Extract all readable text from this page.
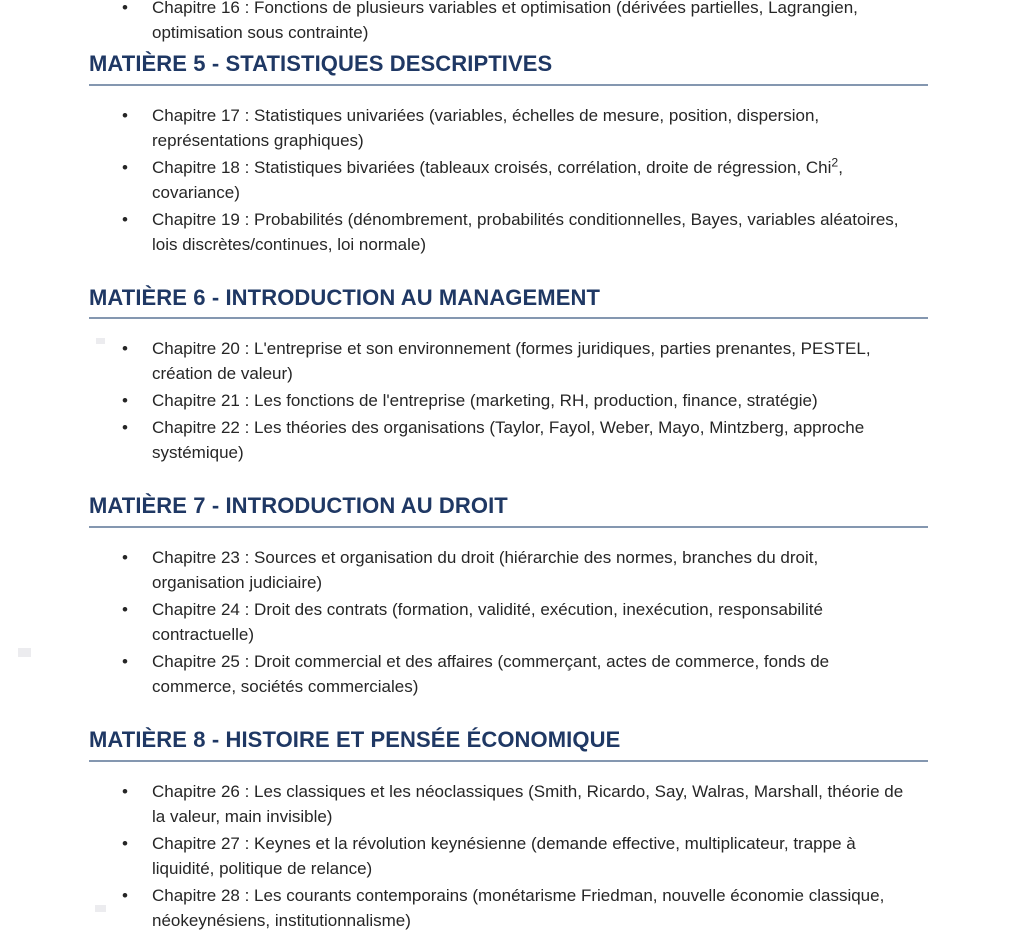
• Chapitre 16 : Fonctions de plusieurs variables et optimisation (dérivées partielles, Lagrangien, optimisation sous contrainte)
MATIÈRE 5 - STATISTIQUES DESCRIPTIVES
• Chapitre 17 : Statistiques univariées (variables, échelles de mesure, position, dispersion, représentations graphiques)
• Chapitre 18 : Statistiques bivariées (tableaux croisés, corrélation, droite de régression, Chi$^2$, covariance)
• Chapitre 19 : Probabilités (dénombrement, probabilités conditionnelles, Bayes, variables aléatoires, lois discrètes/continues, loi normale)
MATIÈRE 6 - INTRODUCTION AU MANAGEMENT
• Chapitre 20 : L'entreprise et son environnement (formes juridiques, parties prenantes, PESTEL, création de valeur)
• Chapitre 21 : Les fonctions de l'entreprise (marketing, RH, production, finance, stratégie)
• Chapitre 22 : Les théories des organisations (Taylor, Fayol, Weber, Mayo, Mintzberg, approche systémique)
MATIÈRE 7 - INTRODUCTION AU DROIT
• Chapitre 23 : Sources et organisation du droit (hiérarchie des normes, branches du droit, organisation judiciaire)
• Chapitre 24 : Droit des contrats (formation, validité, exécution, inexécution, responsabilité contractuelle)
• Chapitre 25 : Droit commercial et des affaires (commerçant, actes de commerce, fonds de commerce, sociétés commerciales)
MATIÈRE 8 - HISTOIRE ET PENSÉE ÉCONOMIQUE
• Chapitre 26 : Les classiques et les néoclassiques (Smith, Ricardo, Say, Walras, Marshall, théorie de la valeur, main invisible)
• Chapitre 27 : Keynes et la révolution keynésienne (demande effective, multiplicateur, trappe à liquidité, politique de relance)
• Chapitre 28 : Les courants contemporains (monétarisme Friedman, nouvelle économie classique, néokeynésiens, institutionnalisme)
